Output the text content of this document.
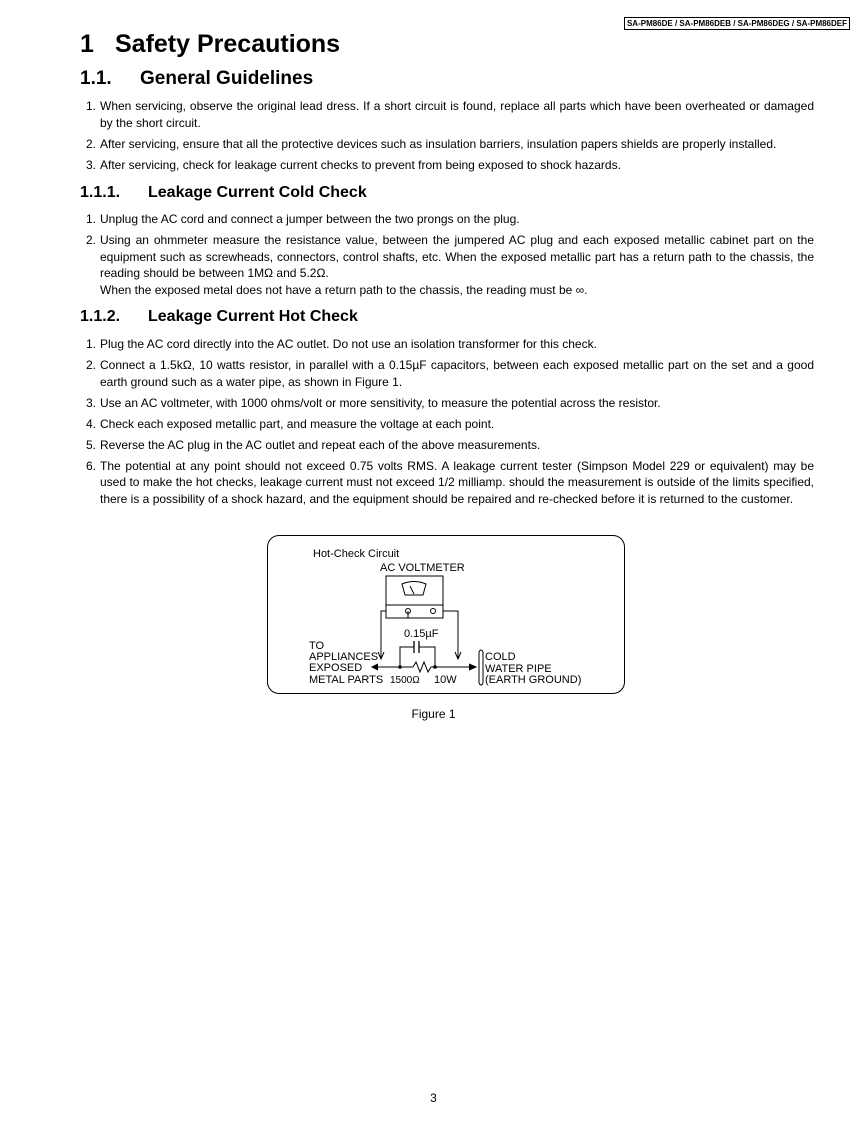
SA-PM86DE / SA-PM86DEB / SA-PM86DEG / SA-PM86DEF
1 Safety Precautions
1.1. General Guidelines
1. When servicing, observe the original lead dress. If a short circuit is found, replace all parts which have been overheated or damaged by the short circuit.
2. After servicing, ensure that all the protective devices such as insulation barriers, insulation papers shields are properly installed.
3. After servicing, check for leakage current checks to prevent from being exposed to shock hazards.
1.1.1. Leakage Current Cold Check
1. Unplug the AC cord and connect a jumper between the two prongs on the plug.
2. Using an ohmmeter measure the resistance value, between the jumpered AC plug and each exposed metallic cabinet part on the equipment such as screwheads, connectors, control shafts, etc. When the exposed metallic part has a return path to the chassis, the reading should be between 1MΩ and 5.2Ω.
When the exposed metal does not have a return path to the chassis, the reading must be ∞.
1.1.2. Leakage Current Hot Check
1. Plug the AC cord directly into the AC outlet. Do not use an isolation transformer for this check.
2. Connect a 1.5kΩ, 10 watts resistor, in parallel with a 0.15µF capacitors, between each exposed metallic part on the set and a good earth ground such as a water pipe, as shown in Figure 1.
3. Use an AC voltmeter, with 1000 ohms/volt or more sensitivity, to measure the potential across the resistor.
4. Check each exposed metallic part, and measure the voltage at each point.
5. Reverse the AC plug in the AC outlet and repeat each of the above measurements.
6. The potential at any point should not exceed 0.75 volts RMS. A leakage current tester (Simpson Model 229 or equivalent) may be used to make the hot checks, leakage current must not exceed 1/2 milliamp. should the measurement is outside of the limits specified, there is a possibility of a shock hazard, and the equipment should be repaired and re-checked before it is returned to the customer.
Hot-Check Circuit
AC VOLTMETER
0.15µF
TO
APPLIANCES
EXPOSED
METAL PARTS 1500Ω 10W
COLD
WATER PIPE
(EARTH GROUND)
Figure 1
3
